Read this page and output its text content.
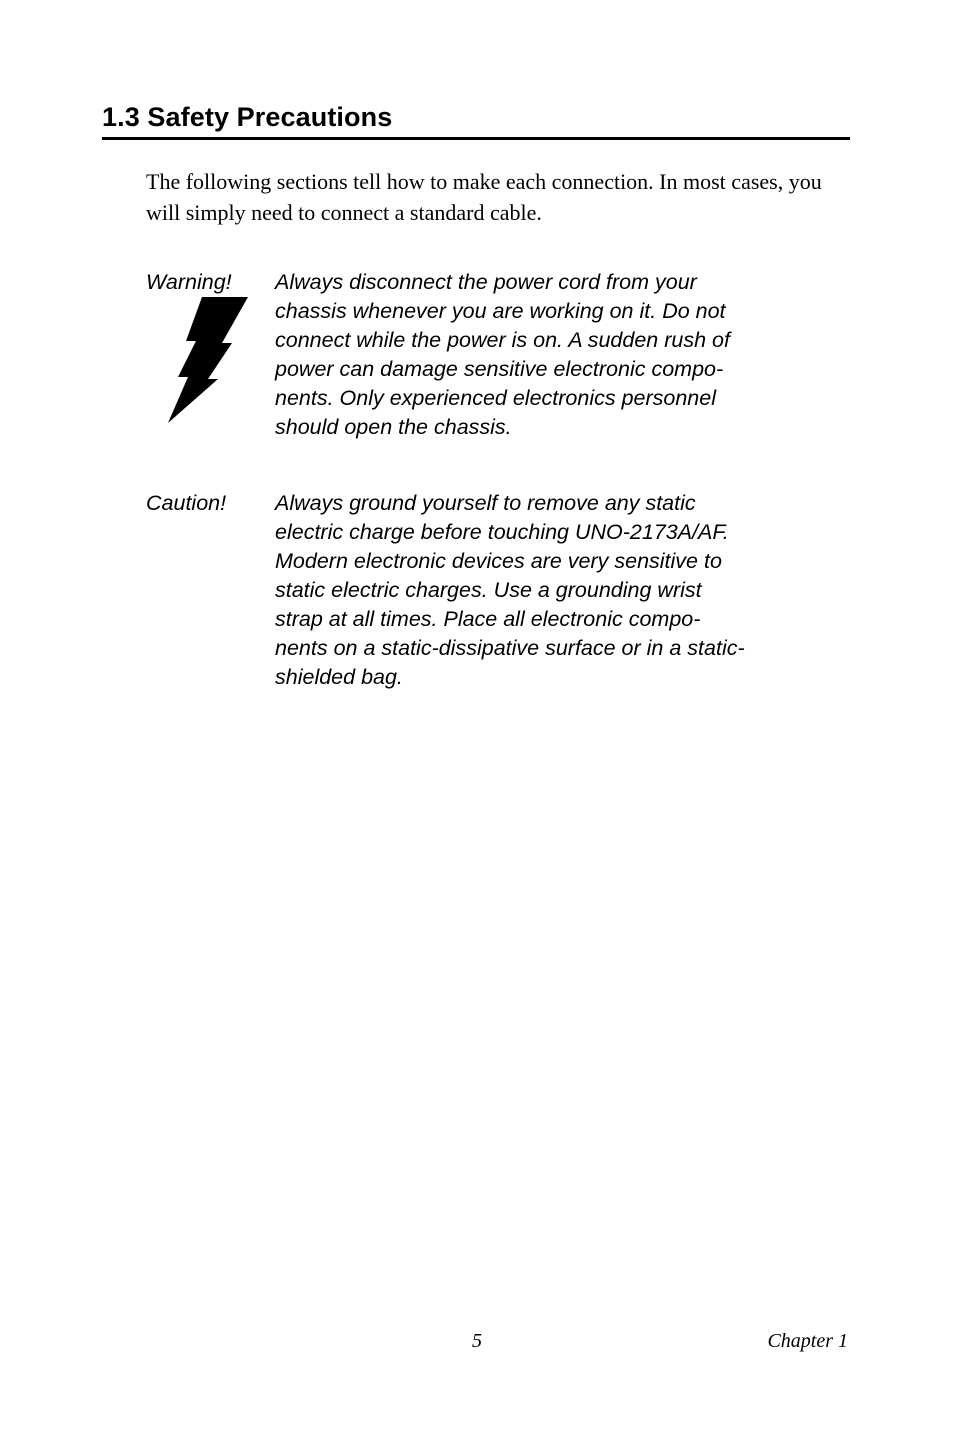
1.3 Safety Precautions

The following sections tell how to make each connection. In most cases, you will simply need to connect a standard cable.

Warning! Always disconnect the power cord from your
chassis whenever you are working on it. Do not
connect while the power is on. A sudden rush of
power can damage sensitive electronic compo-
nents. Only experienced electronics personnel
should open the chassis.

Caution! Always ground yourself to remove any static
electric charge before touching UNO-2173A/AF.
Modern electronic devices are very sensitive to
static electric charges. Use a grounding wrist
strap at all times. Place all electronic compo-
nents on a static-dissipative surface or in a static-
shielded bag.

5	Chapter 1
